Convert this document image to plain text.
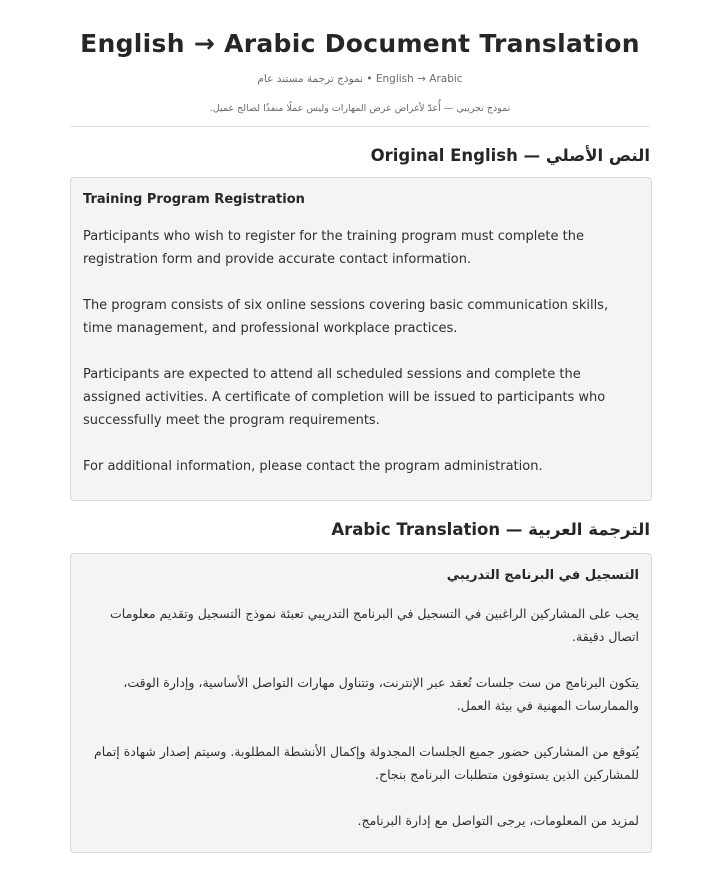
English → Arabic Document Translation
English → Arabic • نموذج ترجمة مستند عام
نموذج تجريبي — أُعدّ لأغراض عرض المهارات وليس عملًا منفذًا لصالح عميل.
Original English — النص الأصلي
Training Program Registration

Participants who wish to register for the training program must complete the registration form and provide accurate contact information.

The program consists of six online sessions covering basic communication skills, time management, and professional workplace practices.

Participants are expected to attend all scheduled sessions and complete the assigned activities. A certificate of completion will be issued to participants who successfully meet the program requirements.

For additional information, please contact the program administration.

Arabic Translation — الترجمة العربية
التسجيل في البرنامج التدريبي

يجب على المشاركين الراغبين في التسجيل في البرنامج التدريبي تعبئة نموذج التسجيل وتقديم معلومات اتصال دقيقة.

يتكون البرنامج من ست جلسات تُعقد عبر الإنترنت، وتتناول مهارات التواصل الأساسية، وإدارة الوقت، والممارسات المهنية في بيئة العمل.

يُتوقع من المشاركين حضور جميع الجلسات المجدولة وإكمال الأنشطة المطلوبة. وسيتم إصدار شهادة إتمام للمشاركين الذين يستوفون متطلبات البرنامج بنجاح.

لمزيد من المعلومات، يرجى التواصل مع إدارة البرنامج.
